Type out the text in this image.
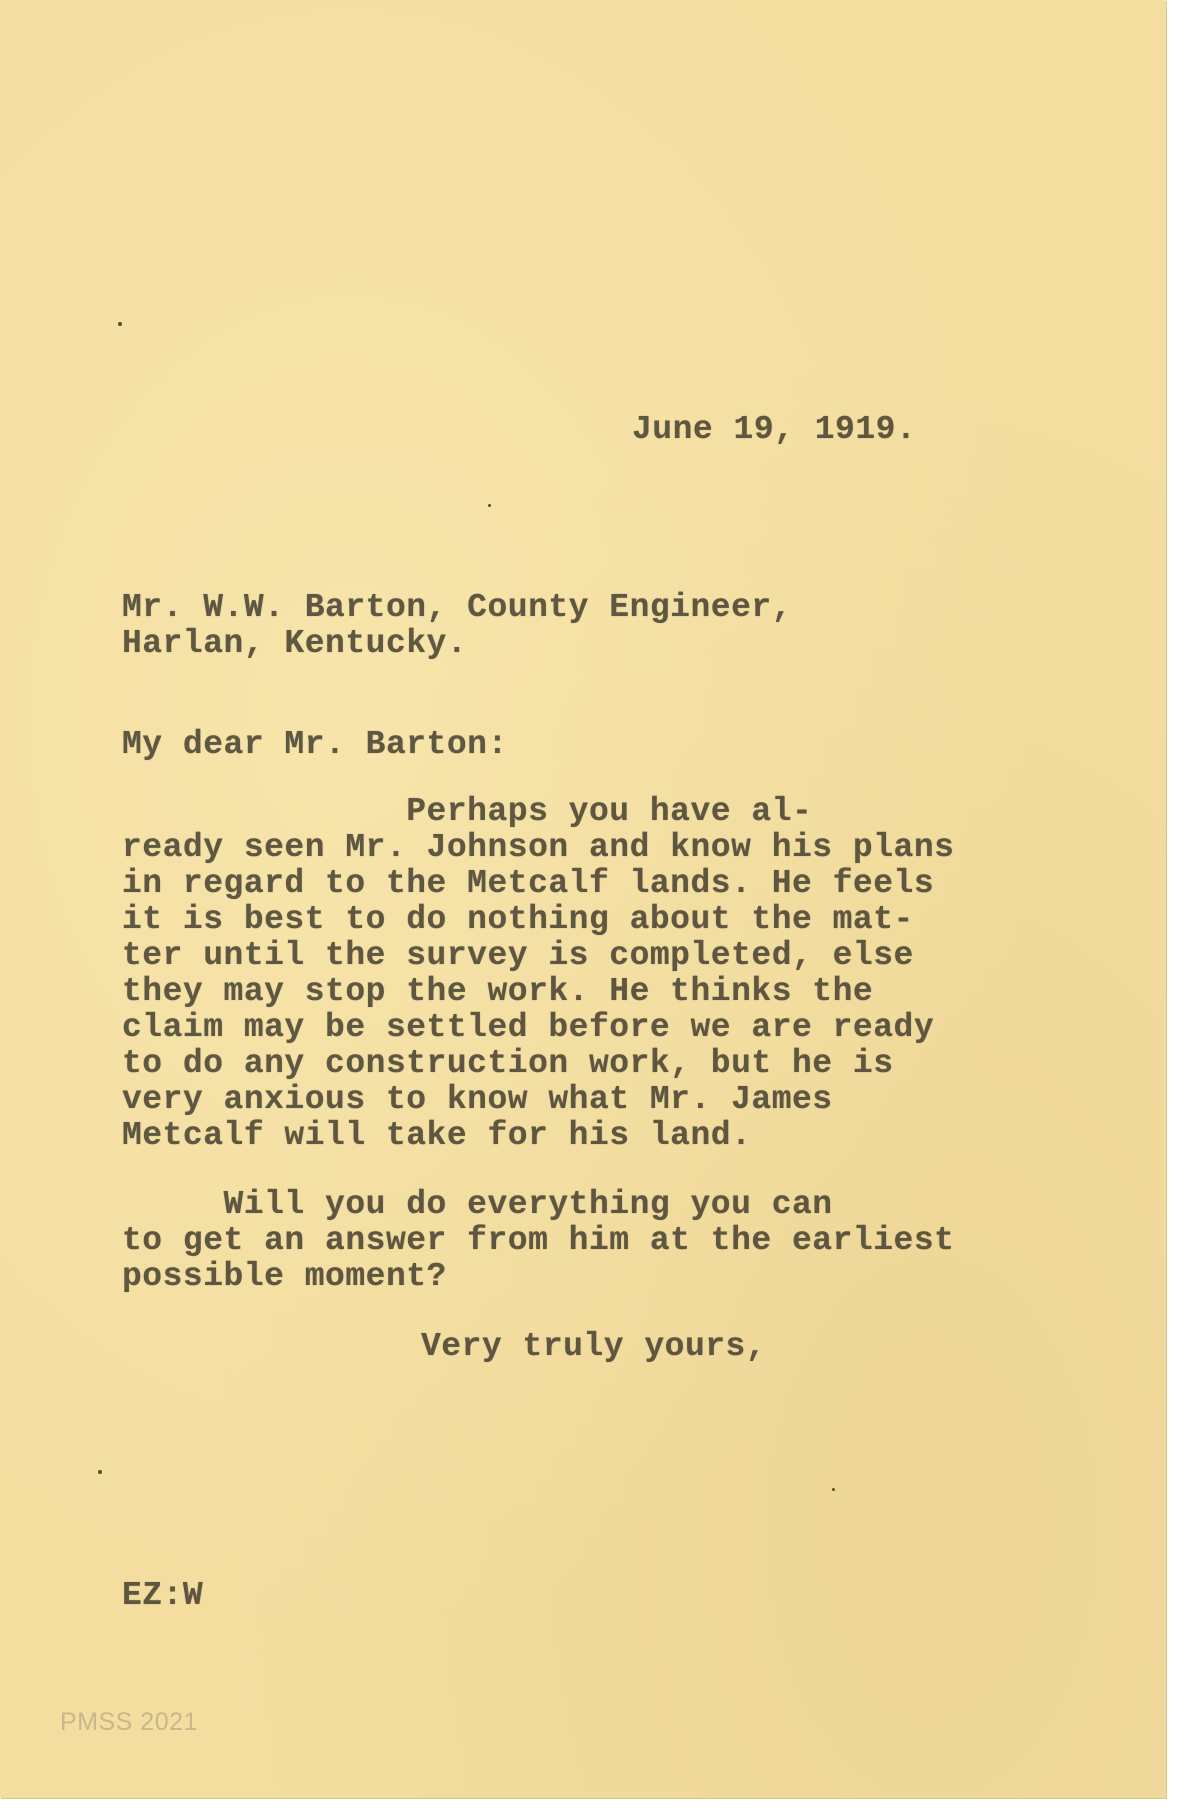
June 19, 1919.

Mr. W.W. Barton, County Engineer,
Harlan, Kentucky.

My dear Mr. Barton:

Perhaps you have al-
ready seen Mr. Johnson and know his plans
in regard to the Metcalf lands. He feels
it is best to do nothing about the mat-
ter until the survey is completed, else
they may stop the work. He thinks the
claim may be settled before we are ready
to do any construction work, but he is
very anxious to know what Mr. James
Metcalf will take for his land.
Will you do everything you can
to get an answer from him at the earliest
possible moment?

Very truly yours,

EZ:W

PMSS 2021
